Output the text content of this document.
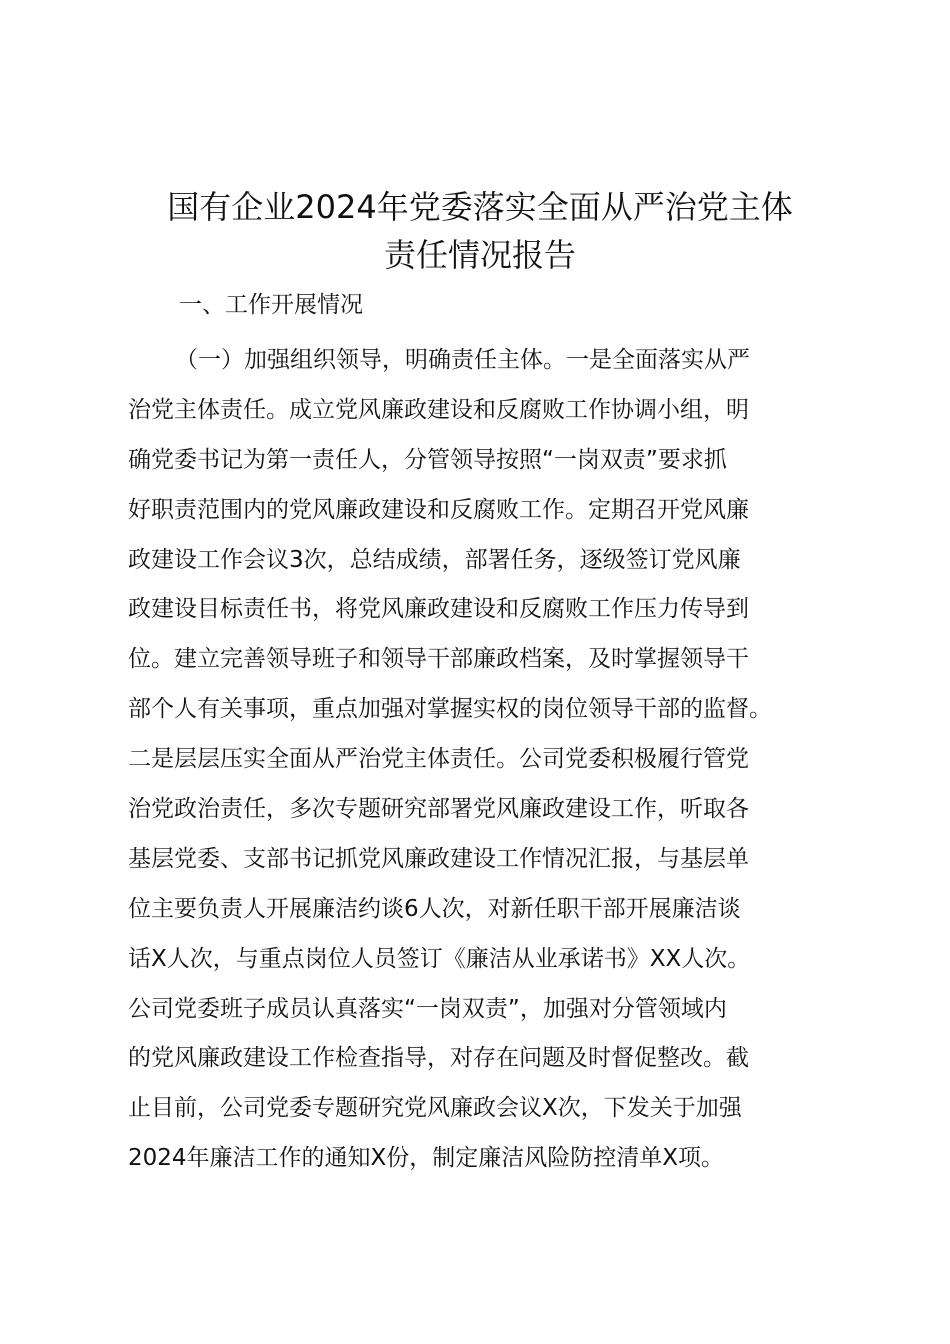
国有企业2024年党委落实全面从严治党主体
责任情况报告
一、工作开展情况
（一）加强组织领导，明确责任主体。一是全面落实从严
治党主体责任。成立党风廉政建设和反腐败工作协调小组，明
确党委书记为第一责任人，分管领导按照“一岗双责”要求抓
好职责范围内的党风廉政建设和反腐败工作。定期召开党风廉
政建设工作会议3次，总结成绩，部署任务，逐级签订党风廉
政建设目标责任书，将党风廉政建设和反腐败工作压力传导到
位。建立完善领导班子和领导干部廉政档案，及时掌握领导干
部个人有关事项，重点加强对掌握实权的岗位领导干部的监督。
二是层层压实全面从严治党主体责任。公司党委积极履行管党
治党政治责任，多次专题研究部署党风廉政建设工作，听取各
基层党委、支部书记抓党风廉政建设工作情况汇报，与基层单
位主要负责人开展廉洁约谈6人次，对新任职干部开展廉洁谈
话X人次，与重点岗位人员签订《廉洁从业承诺书》XX人次。
公司党委班子成员认真落实“一岗双责”，加强对分管领域内
的党风廉政建设工作检查指导，对存在问题及时督促整改。截
止目前，公司党委专题研究党风廉政会议X次，下发关于加强
2024年廉洁工作的通知X份，制定廉洁风险防控清单X项。
